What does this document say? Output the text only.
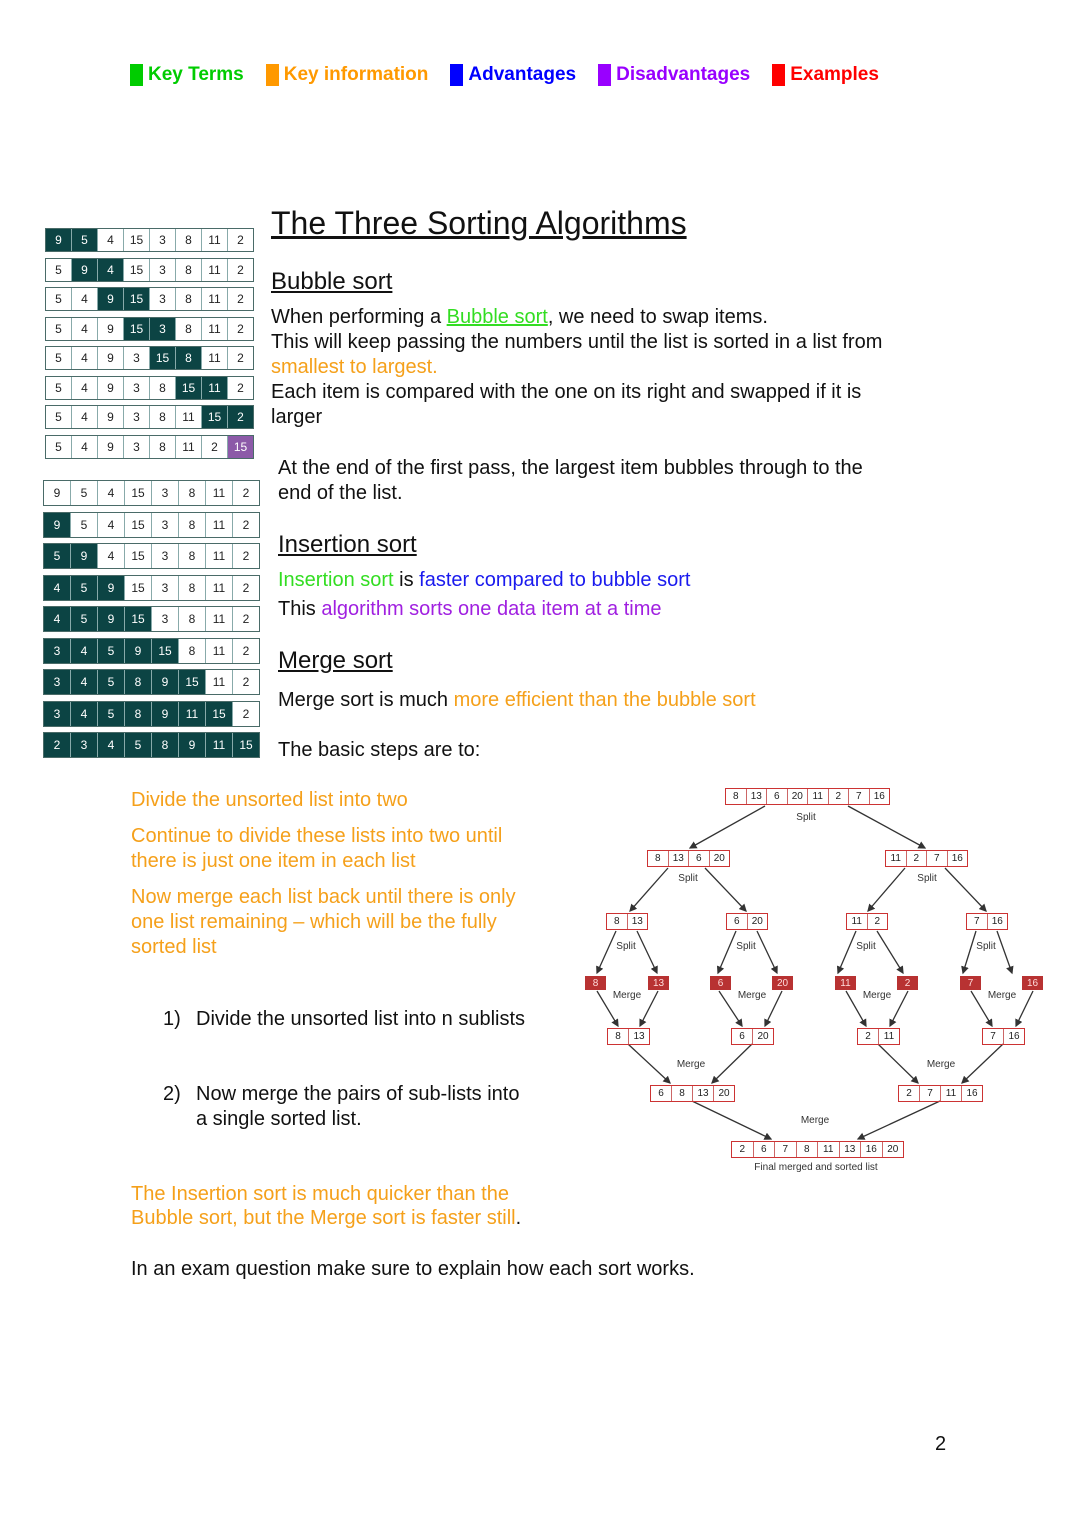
Key Terms Key information Advantages Disadvantages Examples
The Three Sorting Algorithms
Bubble sort
When performing a Bubble sort, we need to swap items.
This will keep passing the numbers until the list is sorted in a list from
smallest to largest.
Each item is compared with the one on its right and swapped if it is
larger
At the end of the first pass, the largest item bubbles through to the
end of the list.
Insertion sort
Insertion sort is faster compared to bubble sort
This algorithm sorts one data item at a time
Merge sort
Merge sort is much more efficient than the bubble sort
The basic steps are to:
The Insertion sort is much quicker than the
Bubble sort, but the Merge sort is faster still.
In an exam question make sure to explain how each sort works.
2
Divide the unsorted list into two
Continue to divide these lists into two until
there is just one item in each list
Now merge each list back until there is only
one list remaining – which will be the fully
sorted list
1) Divide the unsorted list into n sublists
2) Now merge the pairs of sub-lists into
a single sorted list.
9	5	4	15	3	8	11	2
5	9	4	15	3	8	11	2
5	4	9	15	3	8	11	2
5	4	9	15	3	8	11	2
5	4	9	3	15	8	11	2
5	4	9	3	8	15	11	2
5	4	9	3	8	11	15	2
5	4	9	3	8	11	2	15
9	5	4	15	3	8	11	2
9	5	4	15	3	8	11	2
5	9	4	15	3	8	11	2
4	5	9	15	3	8	11	2
4	5	9	15	3	8	11	2
3	4	5	9	15	8	11	2
3	4	5	8	9	15	11	2
3	4	5	8	9	11	15	2
2	3	4	5	8	9	11	15
8	13	6	20 11	2	7	16
8	13	6	20	11	2	7	16
8	13	6	20	11	2	7	16
8	13	6	20	11	2	7	16
8	13	6	20	2	11	7	16
6	8	13 20	2	7	11	16
2	6	7	8	11	13	16	20
Split
Split	Split
Split	Split	Split	Split
Merge	Merge	Merge	Merge
Merge	Merge
Merge
Final merged and sorted list
